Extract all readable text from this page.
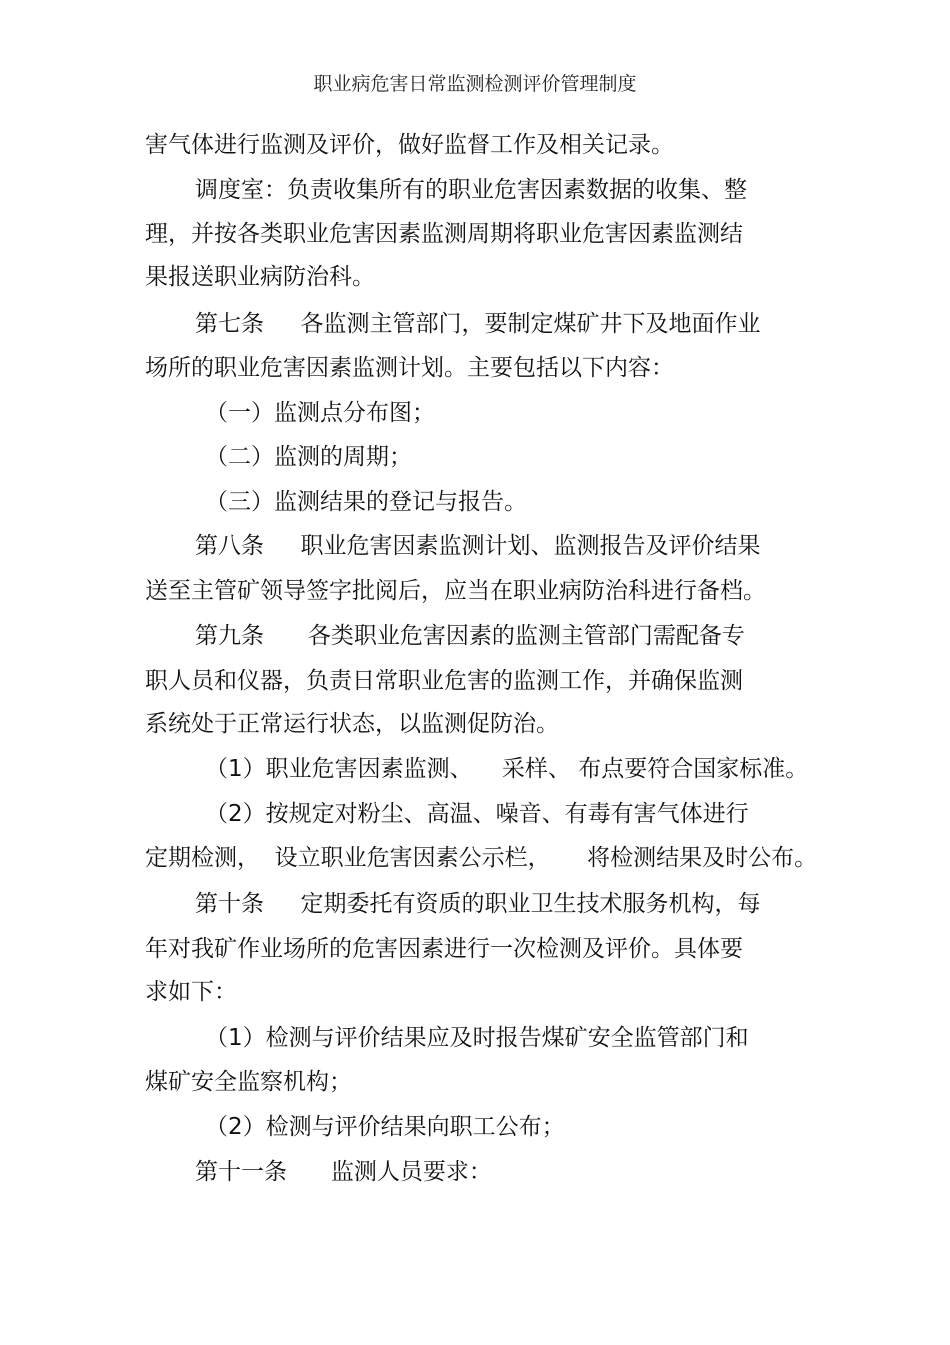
职业病危害日常监测检测评价管理制度
害气体进行监测及评价，做好监督工作及相关记录。
调度室：负责收集所有的职业危害因素数据的收集、整
理，并按各类职业危害因素监测周期将职业危害因素监测结
果报送职业病防治科。
第七条     各监测主管部门，要制定煤矿井下及地面作业
场所的职业危害因素监测计划。主要包括以下内容：
（一）监测点分布图；
（二）监测的周期；
（三）监测结果的登记与报告。
第八条     职业危害因素监测计划、监测报告及评价结果
送至主管矿领导签字批阅后，应当在职业病防治科进行备档。
第九条      各类职业危害因素的监测主管部门需配备专
职人员和仪器，负责日常职业危害的监测工作，并确保监测
系统处于正常运行状态，以监测促防治。
（1）职业危害因素监测、    采样、 布点要符合国家标准。
（2）按规定对粉尘、高温、噪音、有毒有害气体进行
定期检测，  设立职业危害因素公示栏，     将检测结果及时公布。
第十条     定期委托有资质的职业卫生技术服务机构，每
年对我矿作业场所的危害因素进行一次检测及评价。具体要
求如下：
（1）检测与评价结果应及时报告煤矿安全监管部门和
煤矿安全监察机构；
（2）检测与评价结果向职工公布；
第十一条      监测人员要求：
